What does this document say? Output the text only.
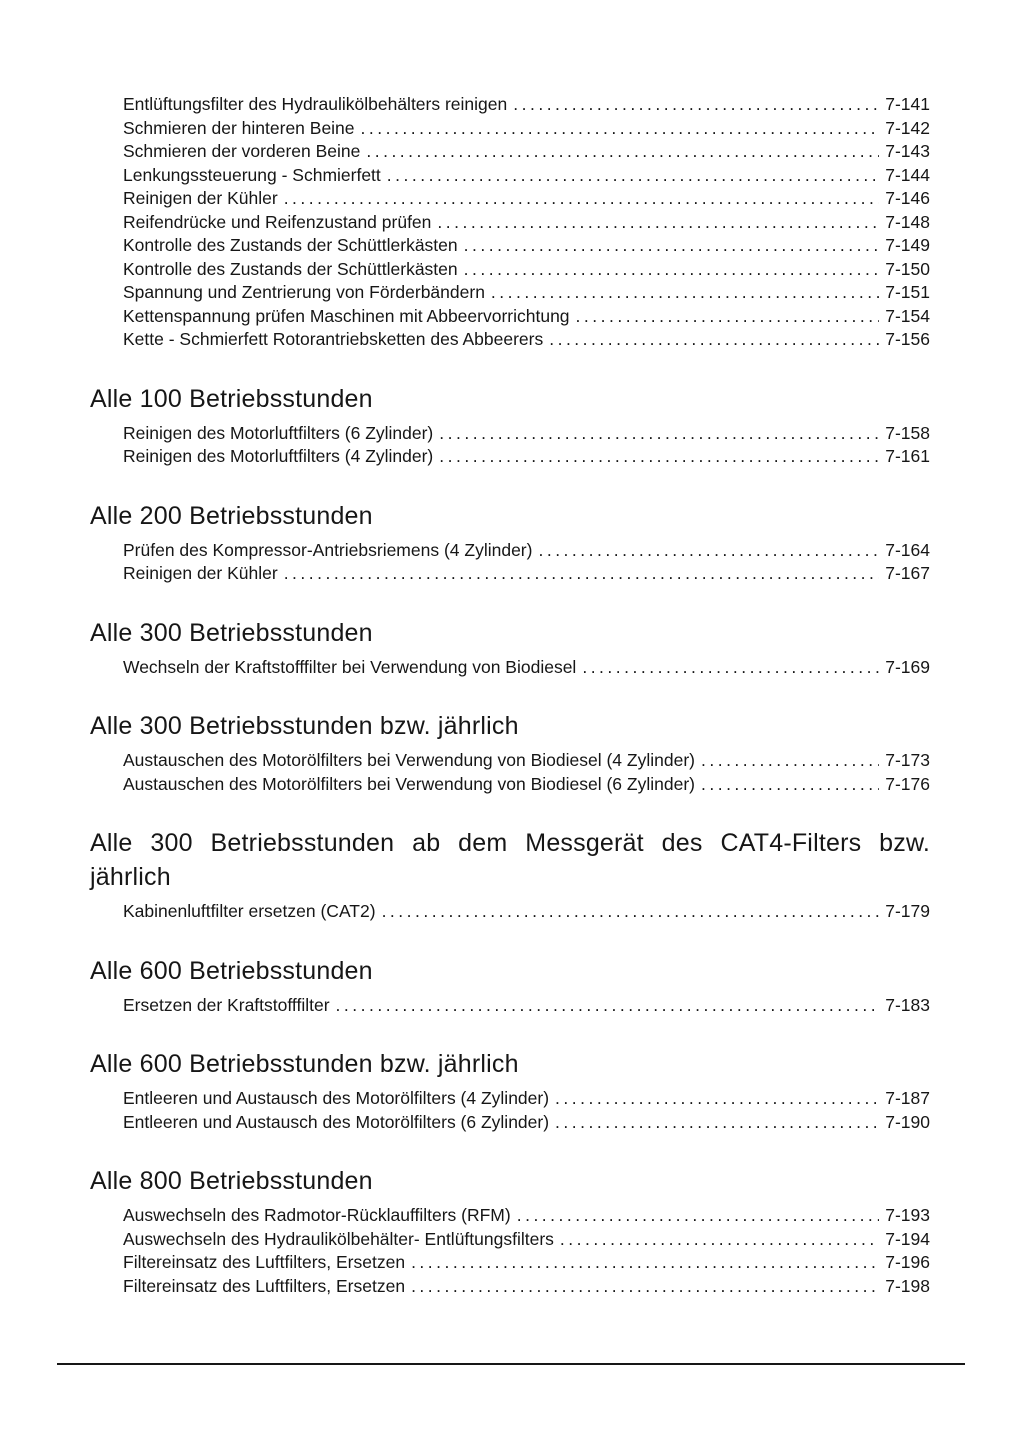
Entlüftungsfilter des Hydraulikölbehälters reinigen .....	7-141
Schmieren der hinteren Beine .....	7-142
Schmieren der vorderen Beine .....	7-143
Lenkungssteuerung - Schmierfett .....	7-144
Reinigen der Kühler .....	7-146
Reifendrücke und Reifenzustand prüfen .....	7-148
Kontrolle des Zustands der Schüttlerkästen .....	7-149
Kontrolle des Zustands der Schüttlerkästen .....	7-150
Spannung und Zentrierung von Förderbändern .....	7-151
Kettenspannung prüfen Maschinen mit Abbeervorrichtung .....	7-154
Kette - Schmierfett Rotorantriebsketten des Abbeerers .....	7-156
Alle 100 Betriebsstunden
Reinigen des Motorluftfilters (6 Zylinder) .....	7-158
Reinigen des Motorluftfilters (4 Zylinder) .....	7-161
Alle 200 Betriebsstunden
Prüfen des Kompressor-Antriebsriemens (4 Zylinder) .....	7-164
Reinigen der Kühler .....	7-167
Alle 300 Betriebsstunden
Wechseln der Kraftstofffilter bei Verwendung von Biodiesel .....	7-169
Alle 300 Betriebsstunden bzw. jährlich
Austauschen des Motorölfilters bei Verwendung von Biodiesel (4 Zylinder) .....	7-173
Austauschen des Motorölfilters bei Verwendung von Biodiesel (6 Zylinder) .....	7-176
Alle 300 Betriebsstunden ab dem Messgerät des CAT4-Filters bzw. jährlich
Kabinenluftfilter ersetzen (CAT2) .....	7-179
Alle 600 Betriebsstunden
Ersetzen der Kraftstofffilter .....	7-183
Alle 600 Betriebsstunden bzw. jährlich
Entleeren und Austausch des Motorölfilters (4 Zylinder) .....	7-187
Entleeren und Austausch des Motorölfilters (6 Zylinder) .....	7-190
Alle 800 Betriebsstunden
Auswechseln des Radmotor-Rücklauffilters (RFM) .....	7-193
Auswechseln des Hydraulikölbehälter- Entlüftungsfilters .....	7-194
Filtereinsatz des Luftfilters, Ersetzen .....	7-196
Filtereinsatz des Luftfilters, Ersetzen .....	7-198
